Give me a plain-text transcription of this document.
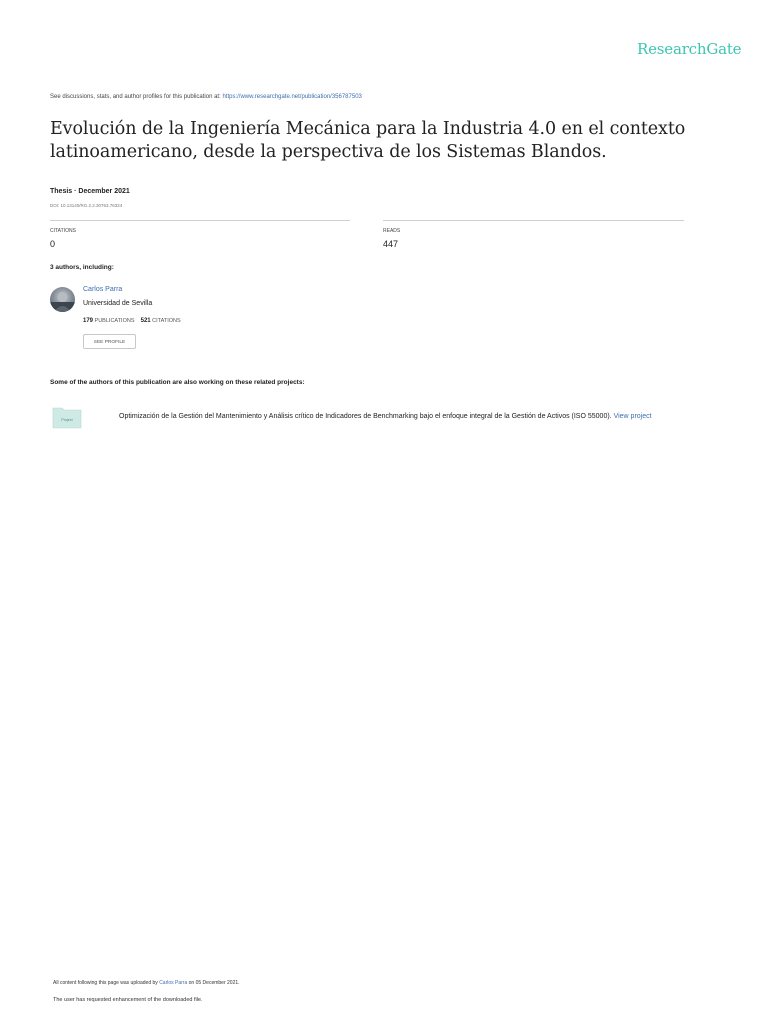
ResearchGate
See discussions, stats, and author profiles for this publication at: https://www.researchgate.net/publication/356787503
Evolución de la Ingeniería Mecánica para la Industria 4.0 en el contexto latinoamericano, desde la perspectiva de los Sistemas Blandos.
Thesis · December 2021
DOI: 10.13140/RG.2.2.30763.76324
CITATIONS
0
READS
447
3 authors, including:
Carlos Parra
Universidad de Sevilla
179 PUBLICATIONS 521 CITATIONS
SEE PROFILE
Some of the authors of this publication are also working on these related projects:
Project	Optimización de la Gestión del Mantenimiento y Análisis crítico de Indicadores de Benchmarking bajo el enfoque integral de la Gestión de Activos (ISO 55000). View project
All content following this page was uploaded by Carlos Parra on 05 December 2021.
The user has requested enhancement of the downloaded file.
